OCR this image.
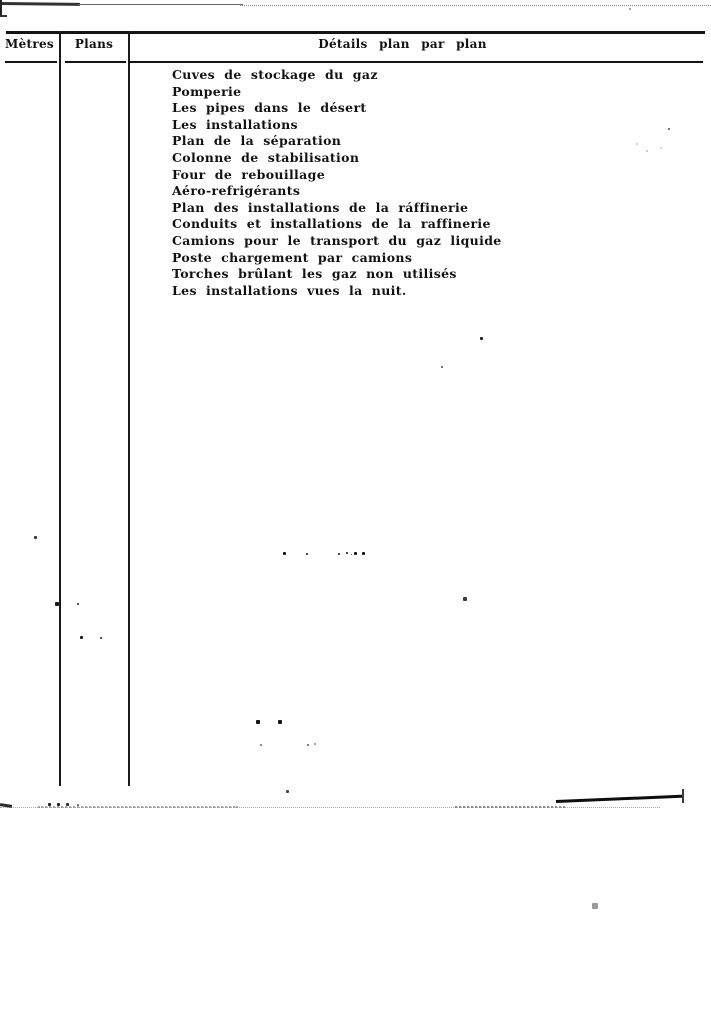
Mètres	Plans	Détails plan par plan
Cuves de stockage du gaz
Pomperie
Les pipes dans le désert
Les installations
Plan de la séparation
Colonne de stabilisation
Four de rebouillage
Aéro-refrigérants
Plan des installations de la ráffinerie
Conduits et installations de la raffinerie
Camions pour le transport du gaz liquide
Poste chargement par camions
Torches brûlant les gaz non utilisés
Les installations vues la nuit.
